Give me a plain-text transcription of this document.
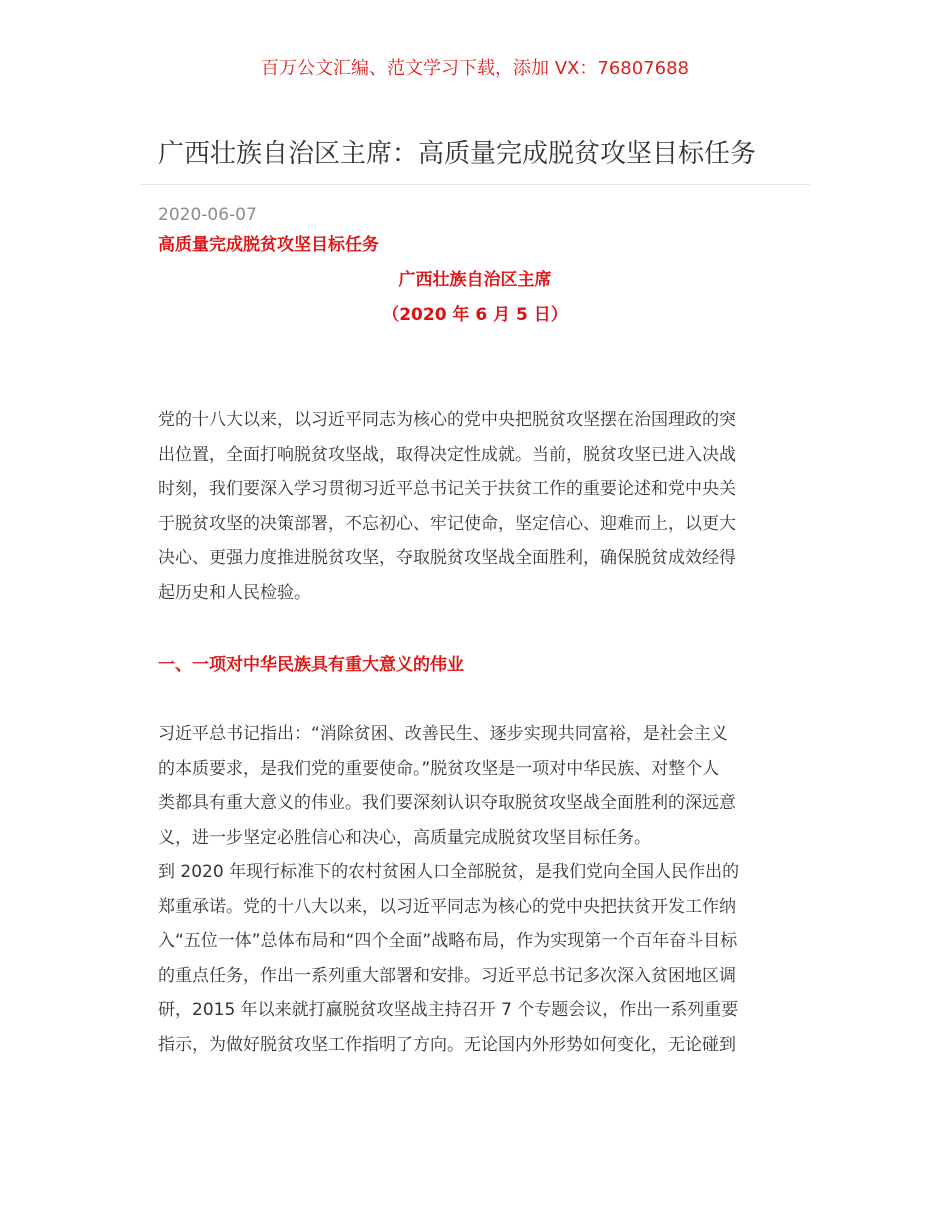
百万公文汇编、范文学习下载，添加 VX：76807688
广西壮族自治区主席：高质量完成脱贫攻坚目标任务
2020-06-07
高质量完成脱贫攻坚目标任务
广西壮族自治区主席
（2020 年 6 月 5 日）
党的十八大以来，以习近平同志为核心的党中央把脱贫攻坚摆在治国理政的突
出位置，全面打响脱贫攻坚战，取得决定性成就。当前，脱贫攻坚已进入决战
时刻，我们要深入学习贯彻习近平总书记关于扶贫工作的重要论述和党中央关
于脱贫攻坚的决策部署，不忘初心、牢记使命，坚定信心、迎难而上，以更大
决心、更强力度推进脱贫攻坚，夺取脱贫攻坚战全面胜利，确保脱贫成效经得
起历史和人民检验。
一、一项对中华民族具有重大意义的伟业
习近平总书记指出：“消除贫困、改善民生、逐步实现共同富裕，是社会主义
的本质要求，是我们党的重要使命。”脱贫攻坚是一项对中华民族、对整个人
类都具有重大意义的伟业。我们要深刻认识夺取脱贫攻坚战全面胜利的深远意
义，进一步坚定必胜信心和决心，高质量完成脱贫攻坚目标任务。
到 2020 年现行标准下的农村贫困人口全部脱贫，是我们党向全国人民作出的
郑重承诺。党的十八大以来，以习近平同志为核心的党中央把扶贫开发工作纳
入“五位一体”总体布局和“四个全面”战略布局，作为实现第一个百年奋斗目标
的重点任务，作出一系列重大部署和安排。习近平总书记多次深入贫困地区调
研，2015 年以来就打赢脱贫攻坚战主持召开 7 个专题会议，作出一系列重要
指示，为做好脱贫攻坚工作指明了方向。无论国内外形势如何变化，无论碰到
